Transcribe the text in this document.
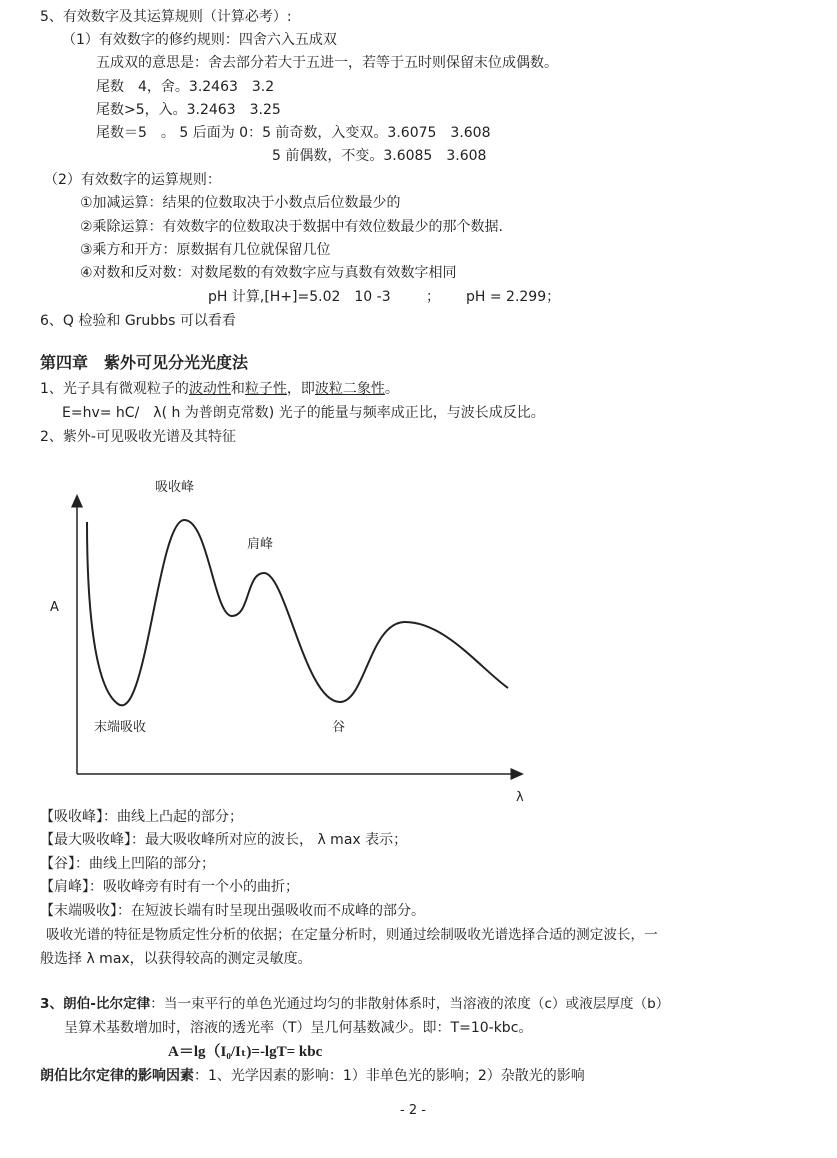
5、有效数字及其运算规则（计算必考）:
（1）有效数字的修约规则：四舍六入五成双
五成双的意思是：舍去部分若大于五进一，若等于五时则保留末位成偶数。
尾数　4，舍。3.2463　3.2
尾数>5，入。3.2463　3.25
尾数＝5　。 5 后面为 0：5 前奇数，入变双。3.6075　3.608
5 前偶数，不变。3.6085　3.608
（2）有效数字的运算规则：
①加减运算：结果的位数取决于小数点后位数最少的
②乘除运算：有效数字的位数取决于数据中有效位数最少的那个数据.
③乘方和开方：原数据有几位就保留几位
④对数和反对数：对数尾数的有效数字应与真数有效数字相同
pH 计算,[H+]=5.02　10 -3	； pH = 2.299；
6、Q 检验和 Grubbs 可以看看
第四章　紫外可见分光光度法
1、光子具有微观粒子的波动性和粒子性，即波粒二象性。
E=hv= hC/　λ( h 为普朗克常数) 光子的能量与频率成正比，与波长成反比。
2、紫外-可见吸收光谱及其特征
A
λ
吸收峰
肩峰
末端吸收	谷
【吸收峰】：曲线上凸起的部分；
【最大吸收峰】：最大吸收峰所对应的波长， λ max 表示；
【谷】：曲线上凹陷的部分；
【肩峰】：吸收峰旁有时有一个小的曲折；
【末端吸收】：在短波长端有时呈现出强吸收而不成峰的部分。
吸收光谱的特征是物质定性分析的依据；在定量分析时，则通过绘制吸收光谱选择合适的测定波长，一
般选择 λ max，以获得较高的测定灵敏度。
3、朗伯-比尔定律：当一束平行的单色光通过均匀的非散射体系时，当溶液的浓度（c）或液层厚度（b）
呈算术基数增加时，溶液的透光率（T）呈几何基数减少。即：T=10-kbc。
A＝lg（I₀/Iₜ)=-lgT= kbc
朗伯比尔定律的影响因素：1、光学因素的影响：1）非单色光的影响；2）杂散光的影响
- 2 -
